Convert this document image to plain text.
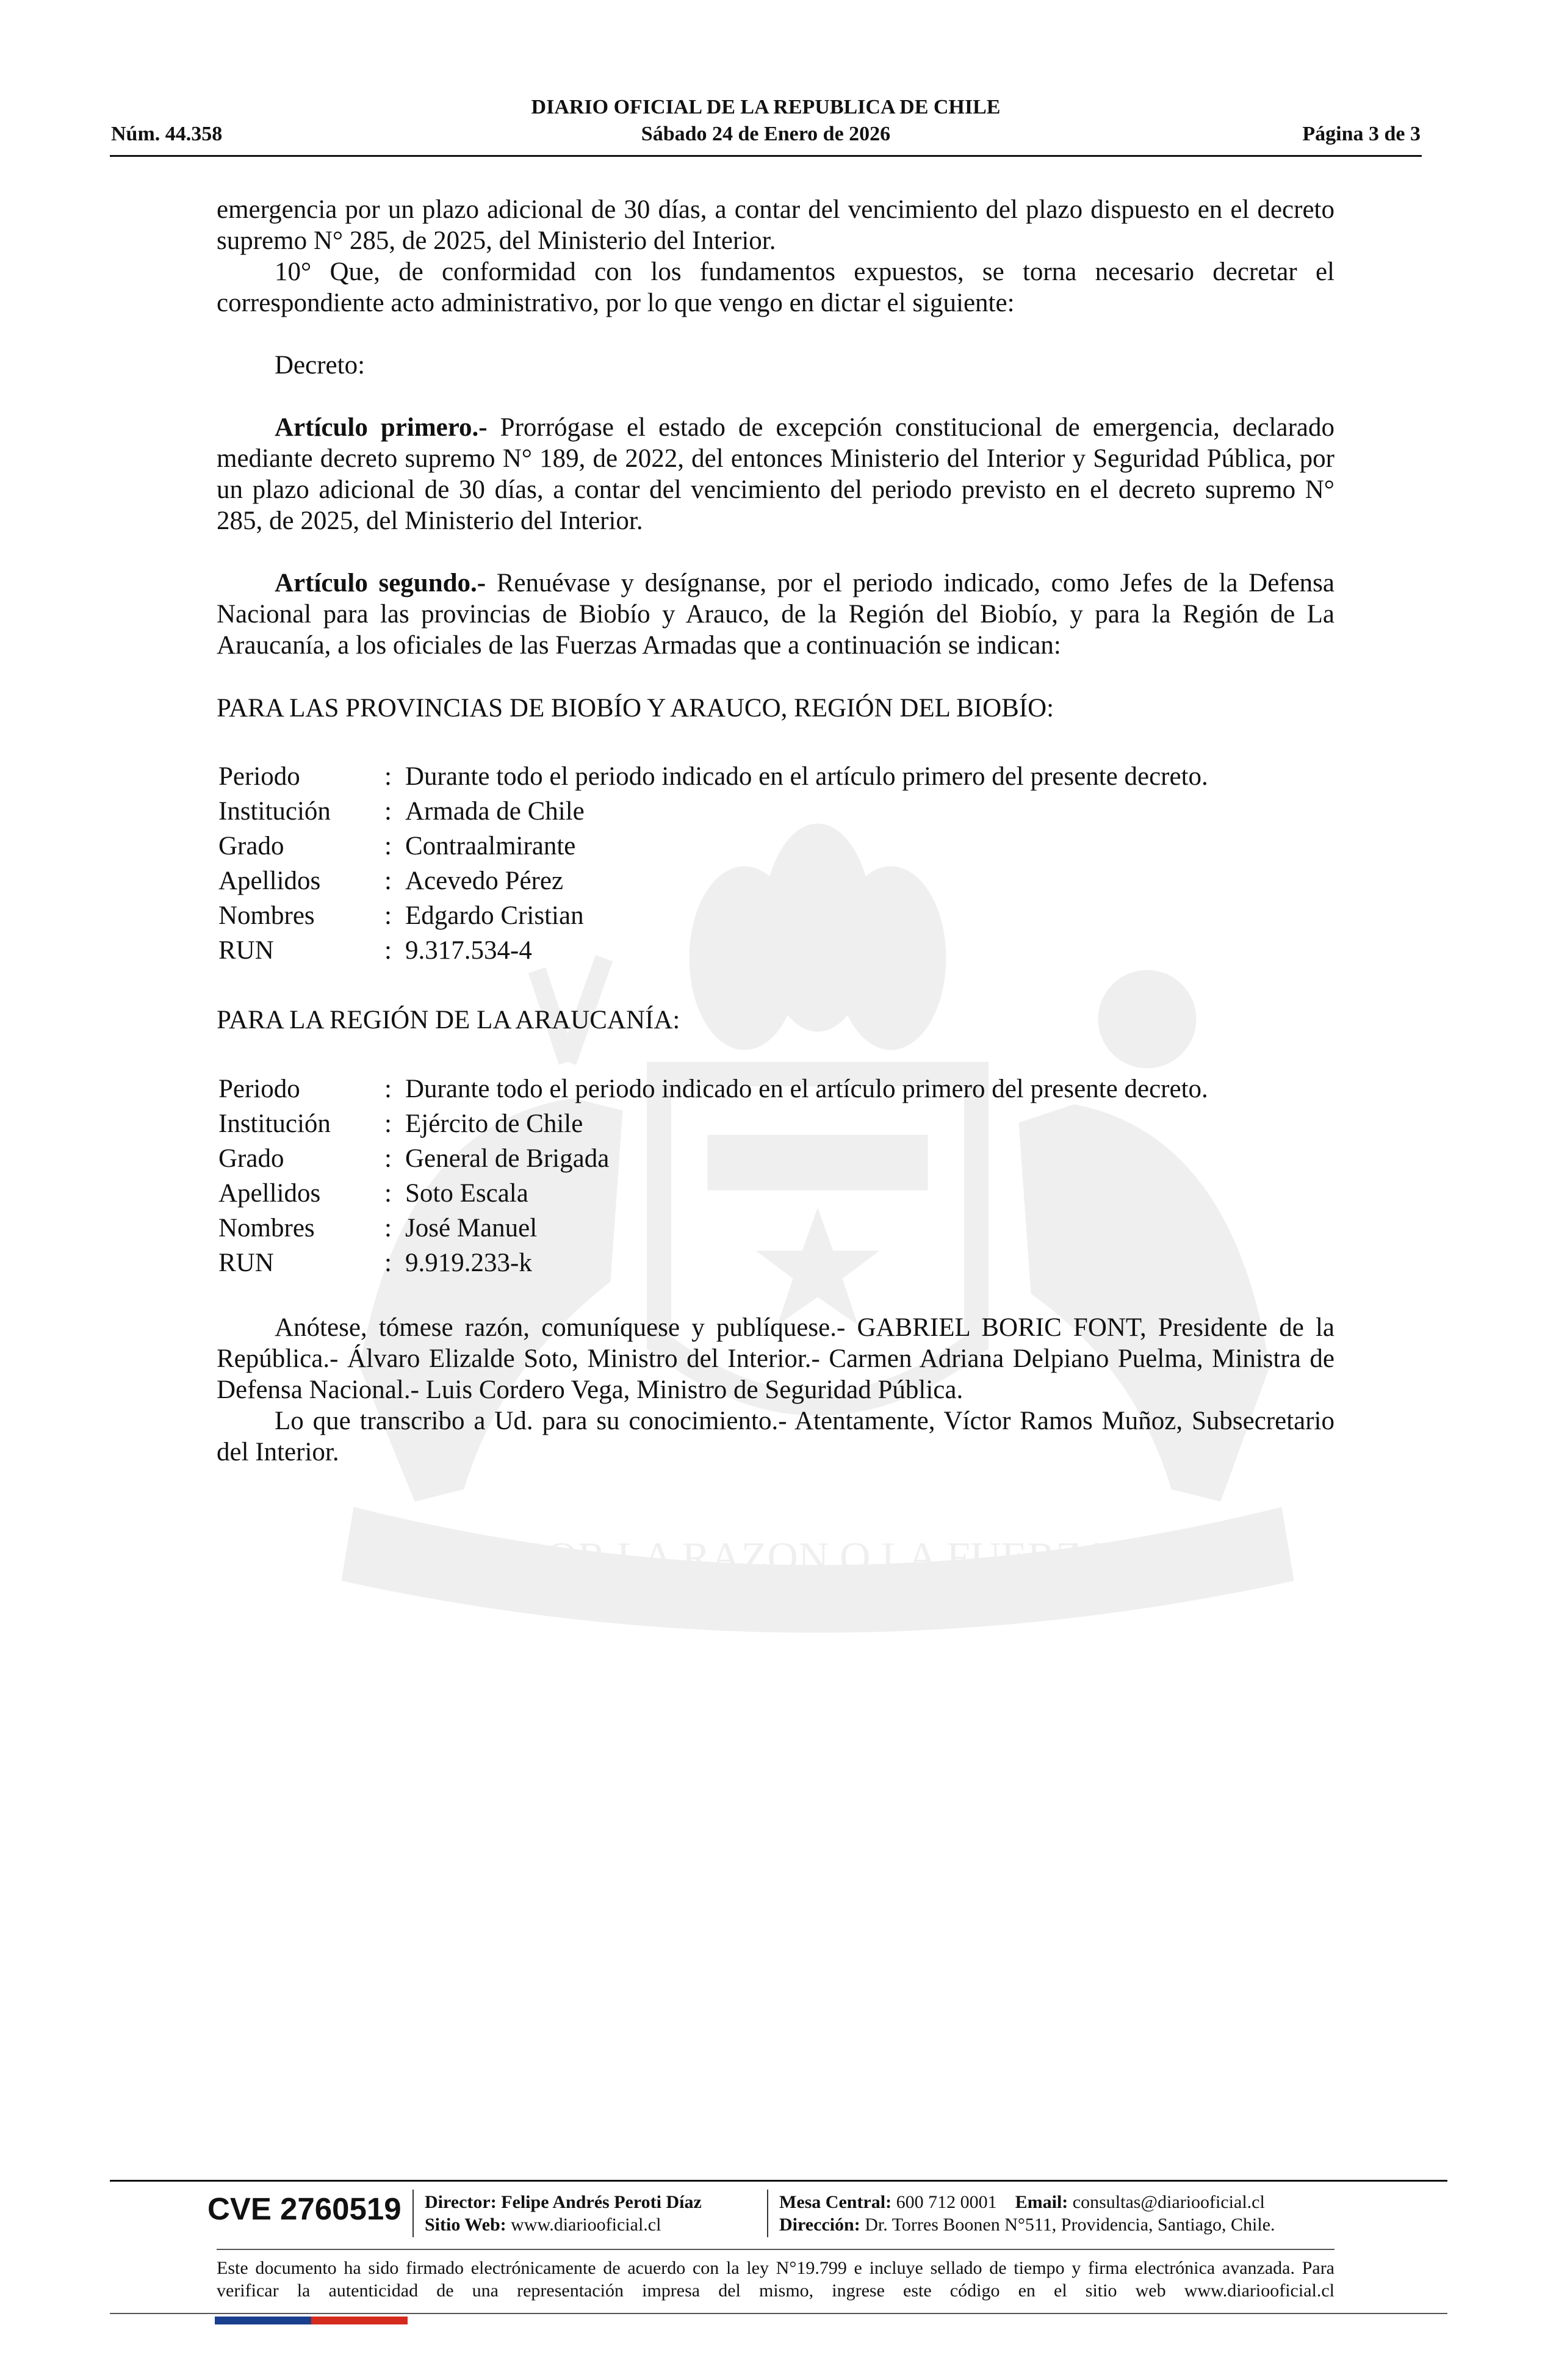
POR LA RAZON O LA FUERZA
DIARIO OFICIAL DE LA REPUBLICA DE CHILE
Núm. 44.358	Sábado 24 de Enero de 2026	Página 3 de 3
emergencia por un plazo adicional de 30 días, a contar del vencimiento del plazo dispuesto en el decreto supremo N° 285, de 2025, del Ministerio del Interior.
10° Que, de conformidad con los fundamentos expuestos, se torna necesario decretar el correspondiente acto administrativo, por lo que vengo en dictar el siguiente:
Decreto:
Artículo primero.- Prorrógase el estado de excepción constitucional de emergencia, declarado mediante decreto supremo N° 189, de 2022, del entonces Ministerio del Interior y Seguridad Pública, por un plazo adicional de 30 días, a contar del vencimiento del periodo previsto en el decreto supremo N° 285, de 2025, del Ministerio del Interior.
Artículo segundo.- Renuévase y desígnanse, por el periodo indicado, como Jefes de la Defensa Nacional para las provincias de Biobío y Arauco, de la Región del Biobío, y para la Región de La Araucanía, a los oficiales de las Fuerzas Armadas que a continuación se indican:
PARA LAS PROVINCIAS DE BIOBÍO Y ARAUCO, REGIÓN DEL BIOBÍO:
Periodo	: Durante todo el periodo indicado en el artículo primero del presente decreto.
Institución	: Armada de Chile
Grado	: Contraalmirante
Apellidos	: Acevedo Pérez
Nombres	: Edgardo Cristian
RUN	: 9.317.534-4
PARA LA REGIÓN DE LA ARAUCANÍA:
Periodo	: Durante todo el periodo indicado en el artículo primero del presente decreto.
Institución	: Ejército de Chile
Grado	: General de Brigada
Apellidos	: Soto Escala
Nombres	: José Manuel
RUN	: 9.919.233-k
Anótese, tómese razón, comuníquese y publíquese.- GABRIEL BORIC FONT, Presidente de la República.- Álvaro Elizalde Soto, Ministro del Interior.- Carmen Adriana Delpiano Puelma, Ministra de Defensa Nacional.- Luis Cordero Vega, Ministro de Seguridad Pública.
Lo que transcribo a Ud. para su conocimiento.- Atentamente, Víctor Ramos Muñoz, Subsecretario del Interior.
CVE 2760519 Director: Felipe Andrés Peroti Díaz
Sitio Web: www.diariooficial.cl
Mesa Central: 600 712 0001 Email: consultas@diariooficial.cl
Dirección: Dr. Torres Boonen N°511, Providencia, Santiago, Chile.
Este documento ha sido firmado electrónicamente de acuerdo con la ley N°19.799 e incluye sellado de tiempo y firma electrónica avanzada. Para verificar la autenticidad de una representación impresa del mismo, ingrese este código en el sitio web www.diariooficial.cl
